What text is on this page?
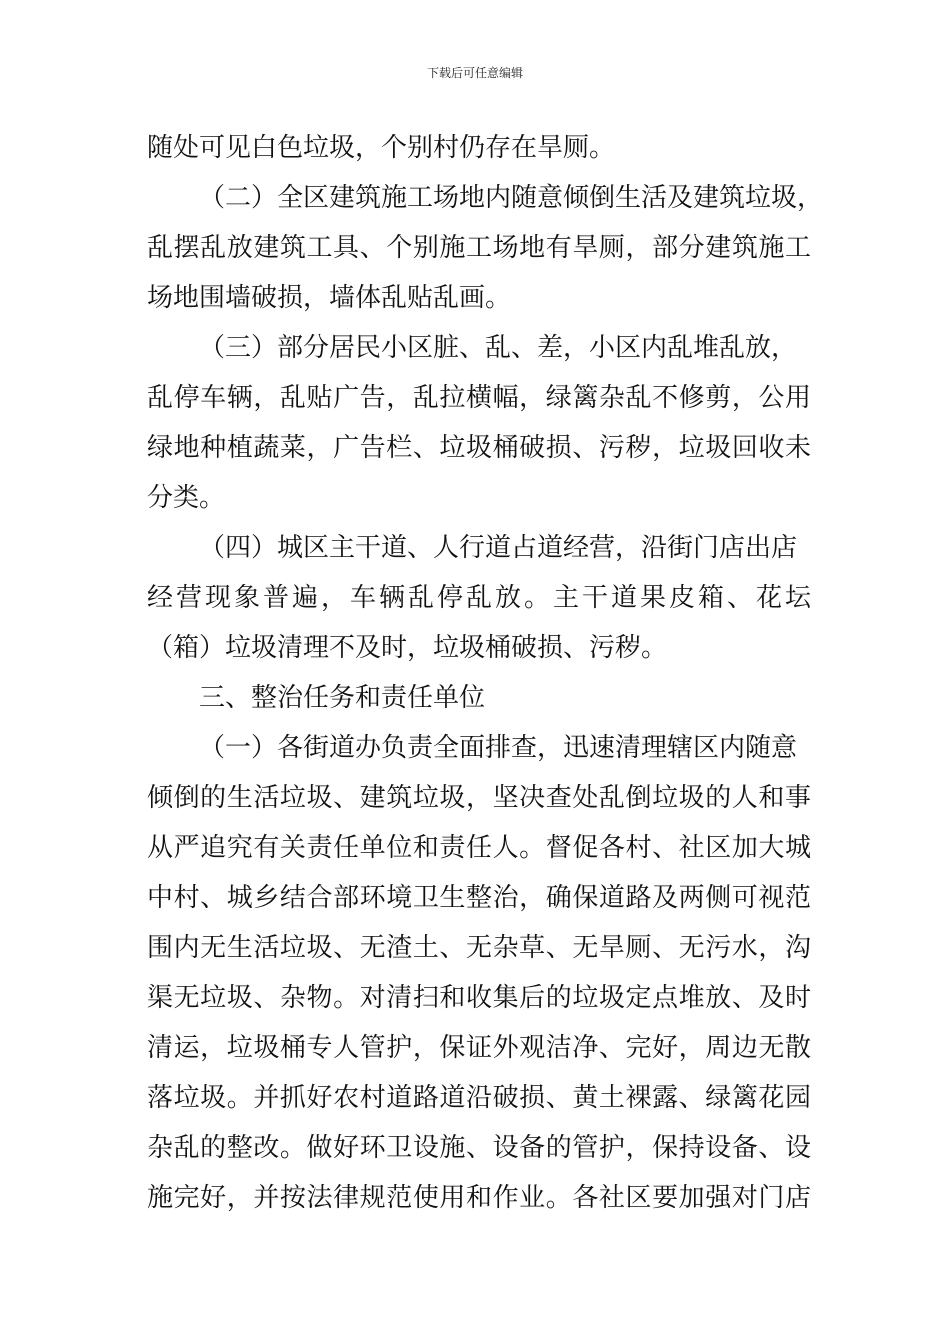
下载后可任意编辑
随处可见白色垃圾，个别村仍存在旱厕。
（二）全区建筑施工场地内随意倾倒生活及建筑垃圾，
乱摆乱放建筑工具、个别施工场地有旱厕，部分建筑施工
场地围墙破损，墙体乱贴乱画。
（三）部分居民小区脏、乱、差，小区内乱堆乱放，
乱停车辆，乱贴广告，乱拉横幅，绿篱杂乱不修剪，公用
绿地种植蔬菜，广告栏、垃圾桶破损、污秽，垃圾回收未
分类。
（四）城区主干道、人行道占道经营，沿街门店出店
经营现象普遍，车辆乱停乱放。主干道果皮箱、花坛
（箱）垃圾清理不及时，垃圾桶破损、污秽。
三、整治任务和责任单位
（一）各街道办负责全面排查，迅速清理辖区内随意
倾倒的生活垃圾、建筑垃圾，坚决查处乱倒垃圾的人和事
从严追究有关责任单位和责任人。督促各村、社区加大城
中村、城乡结合部环境卫生整治，确保道路及两侧可视范
围内无生活垃圾、无渣土、无杂草、无旱厕、无污水，沟
渠无垃圾、杂物。对清扫和收集后的垃圾定点堆放、及时
清运，垃圾桶专人管护，保证外观洁净、完好，周边无散
落垃圾。并抓好农村道路道沿破损、黄土裸露、绿篱花园
杂乱的整改。做好环卫设施、设备的管护，保持设备、设
施完好，并按法律规范使用和作业。各社区要加强对门店
